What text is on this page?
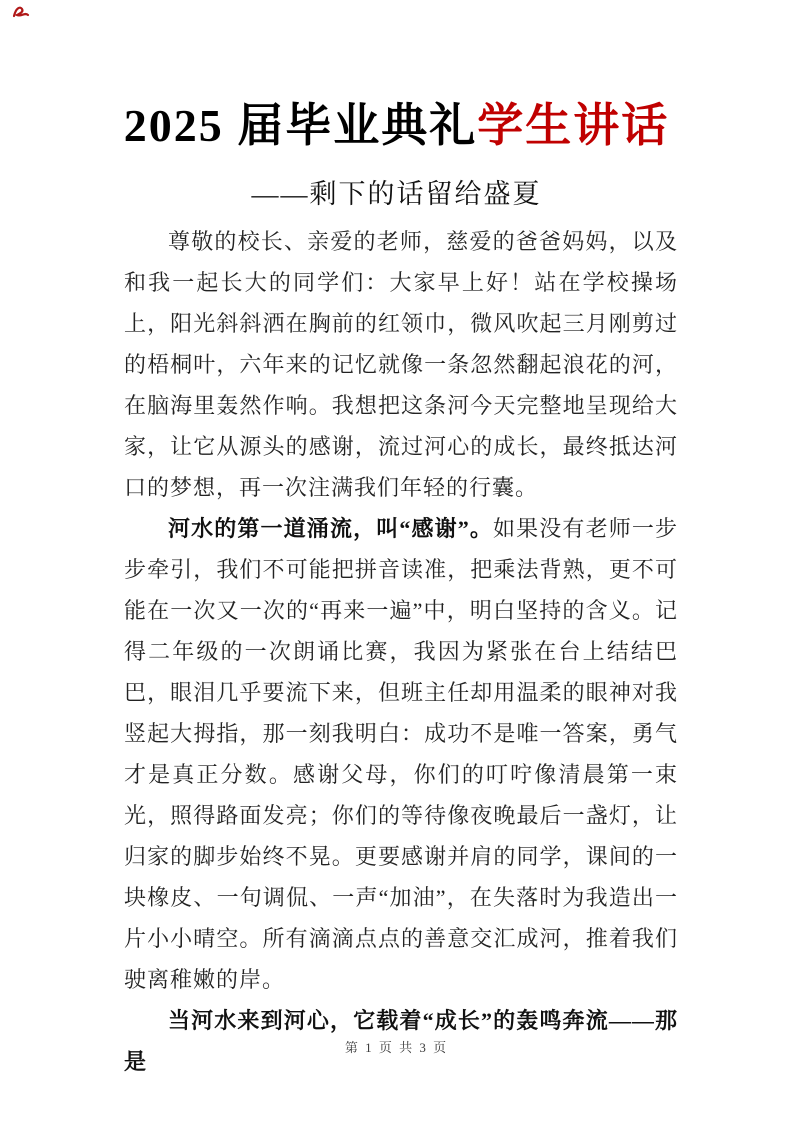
2025 届毕业典礼学生讲话
——剩下的话留给盛夏

尊敬的校长、亲爱的老师，慈爱的爸爸妈妈，以及和我一起长大的同学们：大家早上好！站在学校操场上，阳光斜斜洒在胸前的红领巾，微风吹起三月刚剪过的梧桐叶，六年来的记忆就像一条忽然翻起浪花的河，在脑海里轰然作响。我想把这条河今天完整地呈现给大家，让它从源头的感谢，流过河心的成长，最终抵达河口的梦想，再一次注满我们年轻的行囊。

河水的第一道涌流，叫“感谢”。如果没有老师一步步牵引，我们不可能把拼音读准，把乘法背熟，更不可能在一次又一次的“再来一遍”中，明白坚持的含义。记得二年级的一次朗诵比赛，我因为紧张在台上结结巴巴，眼泪几乎要流下来，但班主任却用温柔的眼神对我竖起大拇指，那一刻我明白：成功不是唯一答案，勇气才是真正分数。感谢父母，你们的叮咛像清晨第一束光，照得路面发亮；你们的等待像夜晚最后一盏灯，让归家的脚步始终不晃。更要感谢并肩的同学，课间的一块橡皮、一句调侃、一声“加油”，在失落时为我造出一片小小晴空。所有滴滴点点的善意交汇成河，推着我们驶离稚嫩的岸。

当河水来到河心，它载着“成长”的轰鸣奔流——那是

第 1 页 共 3 页
